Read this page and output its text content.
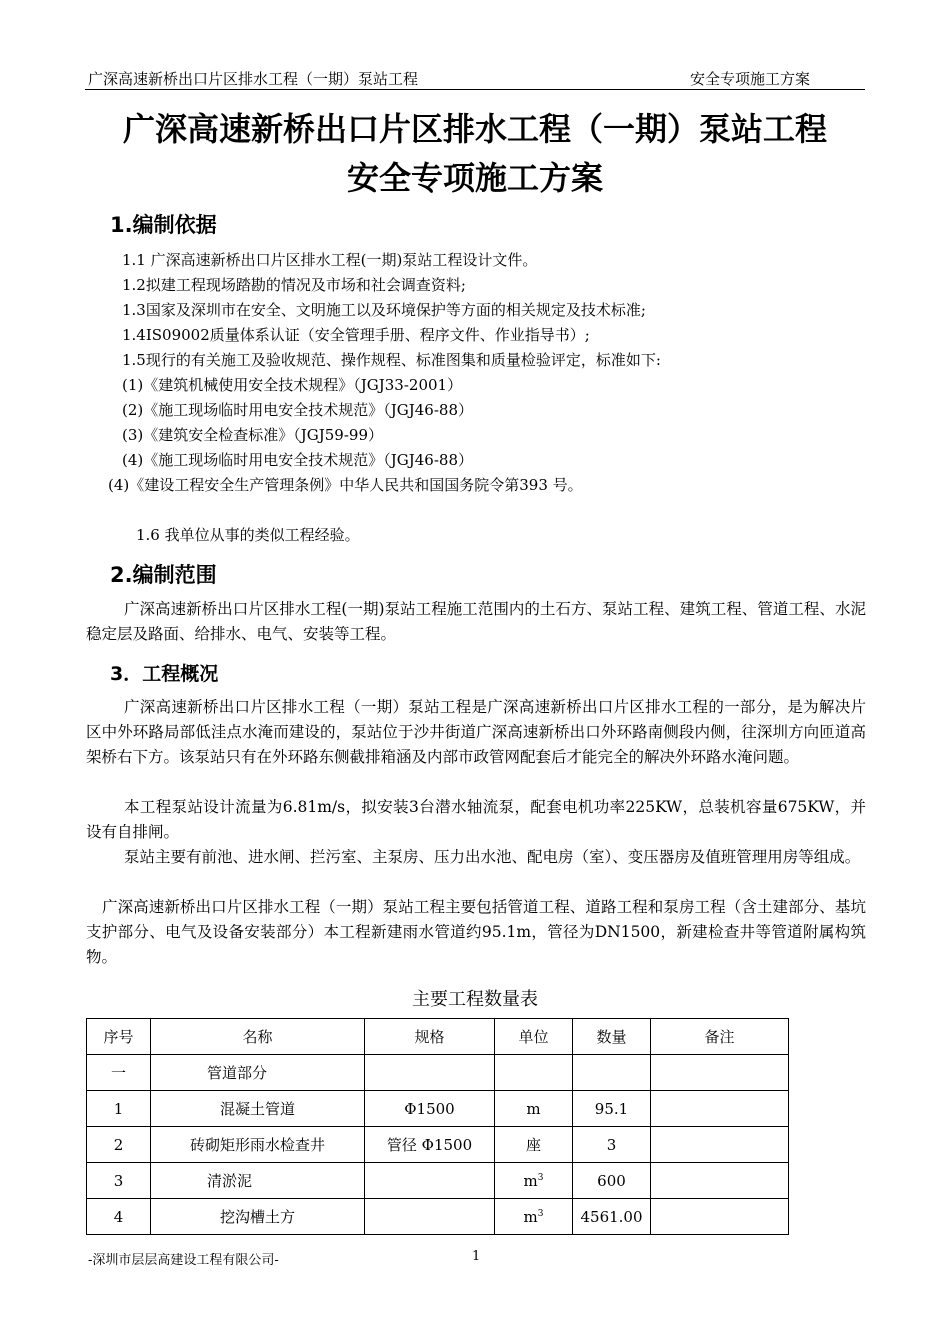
广深高速新桥出口片区排水工程（一期）泵站工程	安全专项施工方案
广深高速新桥出口片区排水工程（一期）泵站工程
安全专项施工方案
1.编制依据
1.1 广深高速新桥出口片区排水工程(一期)泵站工程设计文件。
1.2拟建工程现场踏勘的情况及市场和社会调查资料;
1.3国家及深圳市在安全、文明施工以及环境保护等方面的相关规定及技术标准;
1.4IS09002质量体系认证（安全管理手册、程序文件、作业指导书）;
1.5现行的有关施工及验收规范、操作规程、标准图集和质量检验评定，标准如下:
(1)《建筑机械使用安全技术规程》（JGJ33-2001）
(2)《施工现场临时用电安全技术规范》（JGJ46-88）
(3)《建筑安全检查标准》（JGJ59-99）
(4)《施工现场临时用电安全技术规范》（JGJ46-88）
(4)《建设工程安全生产管理条例》中华人民共和国国务院令第393 号。
1.6 我单位从事的类似工程经验。
2.编制范围
广深高速新桥出口片区排水工程(一期)泵站工程施工范围内的土石方、泵站工程、建筑工程、管道工程、水泥稳定层及路面、给排水、电气、安装等工程。
3．工程概况
广深高速新桥出口片区排水工程（一期）泵站工程是广深高速新桥出口片区排水工程的一部分，是为解决片区中外环路局部低洼点水淹而建设的，泵站位于沙井街道广深高速新桥出口外环路南侧段内侧，往深圳方向匝道高架桥右下方。该泵站只有在外环路东侧截排箱涵及内部市政管网配套后才能完全的解决外环路水淹问题。
本工程泵站设计流量为6.81m/s，拟安装3台潜水轴流泵，配套电机功率225KW，总装机容量675KW，并设有自排闸。
泵站主要有前池、进水闸、拦污室、主泵房、压力出水池、配电房（室）、变压器房及值班管理用房等组成。
广深高速新桥出口片区排水工程（一期）泵站工程主要包括管道工程、道路工程和泵房工程（含土建部分、基坑支护部分、电气及设备安装部分）本工程新建雨水管道约95.1m，管径为DN1500，新建检查井等管道附属构筑物。
主要工程数量表
序号	名称	规格	单位	数量	备注
一	管道部分				
1	混凝土管道	Φ1500	m	95.1	
2	砖砌矩形雨水检查井	管径 Φ1500	座	3	
3	清淤泥		$m^3$	600	
4	挖沟槽土方		$m^3$	4561.00	
-深圳市层层高建设工程有限公司-	1
